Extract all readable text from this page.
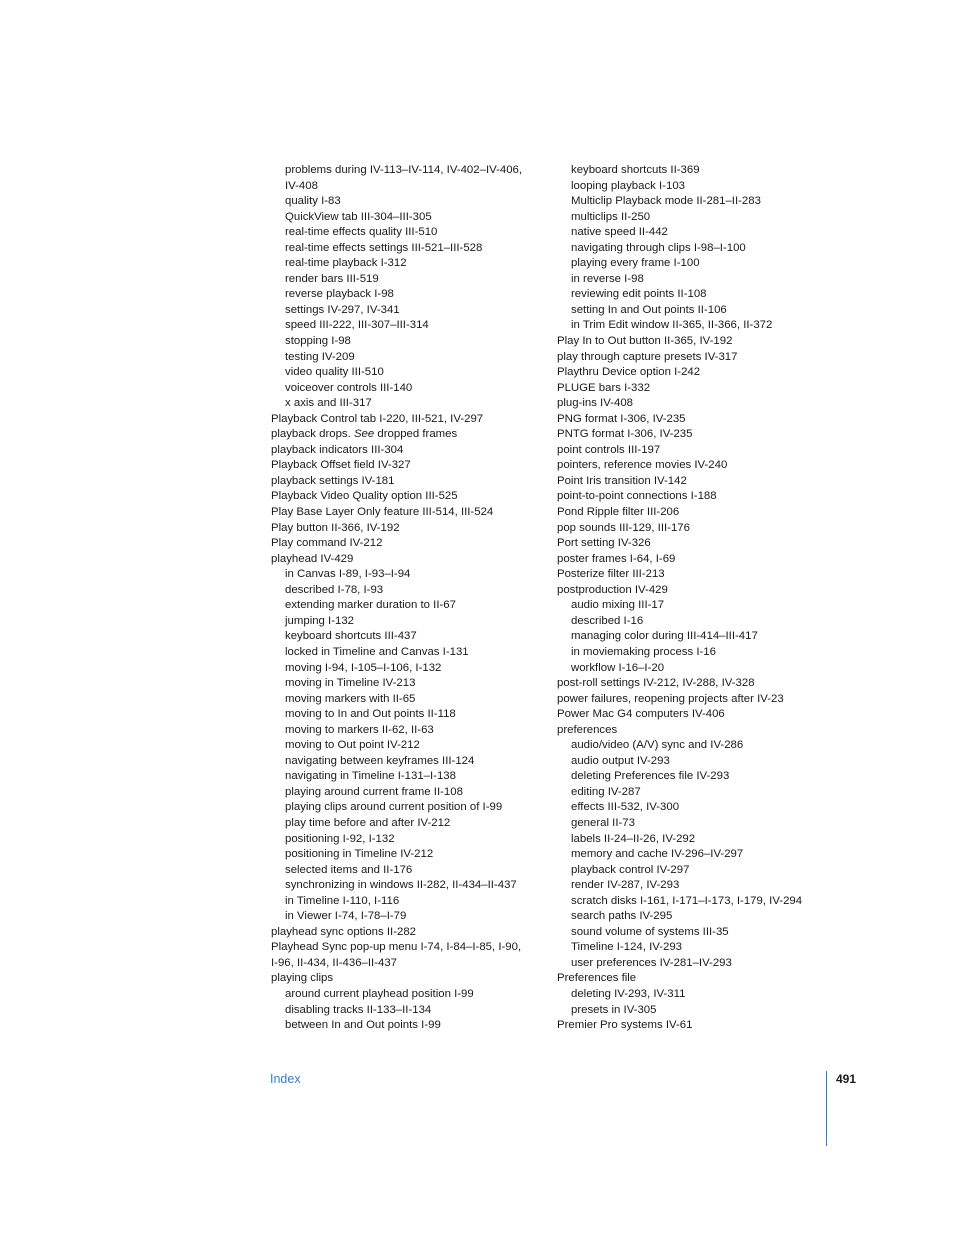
problems during IV-113–IV-114, IV-402–IV-406,
IV-408
quality I-83
QuickView tab III-304–III-305
real-time effects quality III-510
real-time effects settings III-521–III-528
real-time playback I-312
render bars III-519
reverse playback I-98
settings IV-297, IV-341
speed III-222, III-307–III-314
stopping I-98
testing IV-209
video quality III-510
voiceover controls III-140
x axis and III-317
Playback Control tab I-220, III-521, IV-297
playback drops. See dropped frames
playback indicators III-304
Playback Offset field IV-327
playback settings IV-181
Playback Video Quality option III-525
Play Base Layer Only feature III-514, III-524
Play button II-366, IV-192
Play command IV-212
playhead IV-429
in Canvas I-89, I-93–I-94
described I-78, I-93
extending marker duration to II-67
jumping I-132
keyboard shortcuts III-437
locked in Timeline and Canvas I-131
moving I-94, I-105–I-106, I-132
moving in Timeline IV-213
moving markers with II-65
moving to In and Out points II-118
moving to markers II-62, II-63
moving to Out point IV-212
navigating between keyframes III-124
navigating in Timeline I-131–I-138
playing around current frame II-108
playing clips around current position of I-99
play time before and after IV-212
positioning I-92, I-132
positioning in Timeline IV-212
selected items and II-176
synchronizing in windows II-282, II-434–II-437
in Timeline I-110, I-116
in Viewer I-74, I-78–I-79
playhead sync options II-282
Playhead Sync pop-up menu I-74, I-84–I-85, I-90,
I-96, II-434, II-436–II-437
playing clips
around current playhead position I-99
disabling tracks II-133–II-134
between In and Out points I-99
keyboard shortcuts II-369
looping playback I-103
Multiclip Playback mode II-281–II-283
multiclips II-250
native speed II-442
navigating through clips I-98–I-100
playing every frame I-100
in reverse I-98
reviewing edit points II-108
setting In and Out points II-106
in Trim Edit window II-365, II-366, II-372
Play In to Out button II-365, IV-192
play through capture presets IV-317
Playthru Device option I-242
PLUGE bars I-332
plug-ins IV-408
PNG format I-306, IV-235
PNTG format I-306, IV-235
point controls III-197
pointers, reference movies IV-240
Point Iris transition IV-142
point-to-point connections I-188
Pond Ripple filter III-206
pop sounds III-129, III-176
Port setting IV-326
poster frames I-64, I-69
Posterize filter III-213
postproduction IV-429
audio mixing III-17
described I-16
managing color during III-414–III-417
in moviemaking process I-16
workflow I-16–I-20
post-roll settings IV-212, IV-288, IV-328
power failures, reopening projects after IV-23
Power Mac G4 computers IV-406
preferences
audio/video (A/V) sync and IV-286
audio output IV-293
deleting Preferences file IV-293
editing IV-287
effects III-532, IV-300
general II-73
labels II-24–II-26, IV-292
memory and cache IV-296–IV-297
playback control IV-297
render IV-287, IV-293
scratch disks I-161, I-171–I-173, I-179, IV-294
search paths IV-295
sound volume of systems III-35
Timeline I-124, IV-293
user preferences IV-281–IV-293
Preferences file
deleting IV-293, IV-311
presets in IV-305
Premier Pro systems IV-61
Index	491
